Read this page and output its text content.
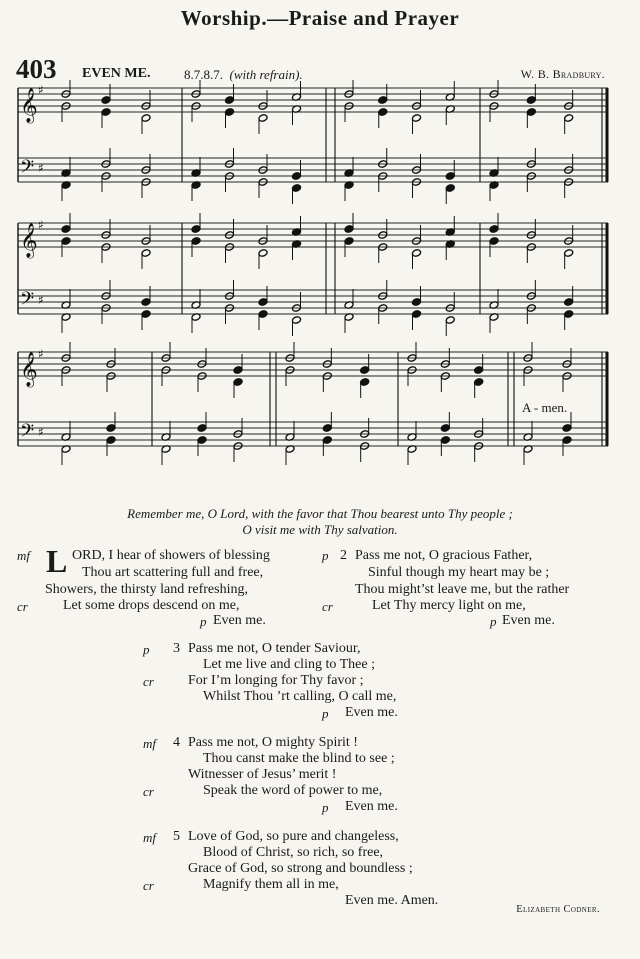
Worship.—Praise and Prayer
403 EVEN ME.	8.7.8.7. (with refrain).	W. B. Bradbury.
𝄞 ♯
𝄢 ♯
𝄞 ♯
𝄢 ♯
𝄞 ♯
𝄢 ♯
A - men.
Remember me, O Lord, with the favor that Thou bearest unto Thy people ;
O visit me with Thy salvation.
mf L ORD, I hear of showers of blessing
Thou art scattering full and free,
Showers, the thirsty land refreshing,
cr	Let some drops descend on me,
p Even me.
p 2 Pass me not, O gracious Father,
Sinful though my heart may be ;
Thou might’st leave me, but the rather
cr	Let Thy mercy light on me,
p Even me.
p 3 Pass me not, O tender Saviour,
Let me live and cling to Thee ;
cr For I’m longing for Thy favor ;
Whilst Thou ’rt calling, O call me,
p Even me.
mf 4 Pass me not, O mighty Spirit !
Thou canst make the blind to see ;
Witnesser of Jesus’ merit !
cr	Speak the word of power to me,
p Even me.
mf 5 Love of God, so pure and changeless,
Blood of Christ, so rich, so free,
Grace of God, so strong and boundless ;
cr	Magnify them all in me,
Even me. Amen.
Elizabeth Codner.
